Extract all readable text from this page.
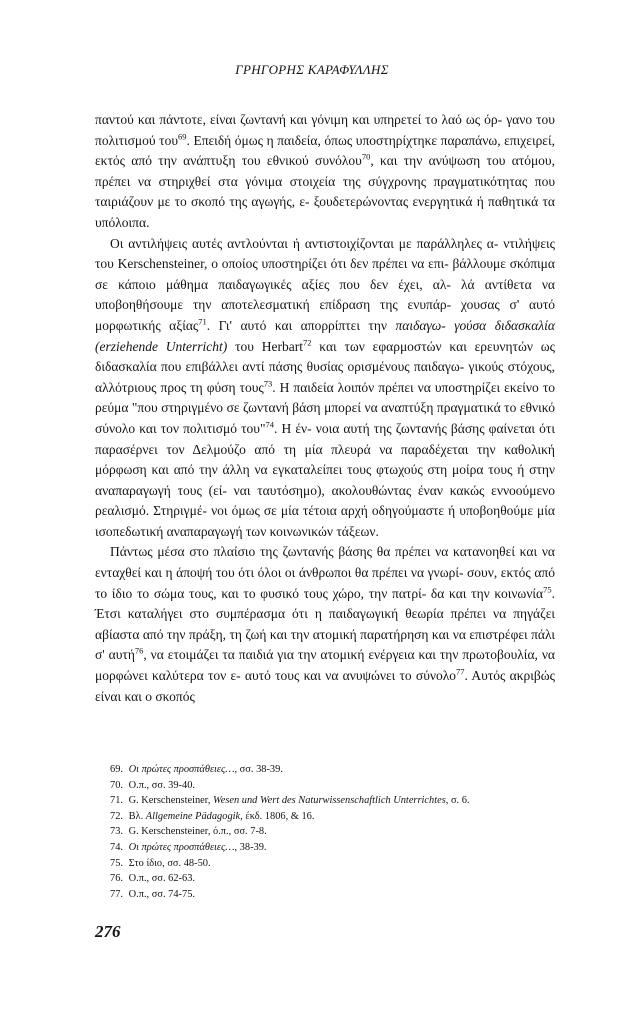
ΓΡΗΓΟΡΗΣ ΚΑΡΑΦΥΛΛΗΣ

παντού και πάντοτε, είναι ζωντανή και γόνιμη και υπηρετεί το λαό ως όρ- γανο του πολιτισμού του$^{69}$. Επειδή όμως η παιδεία, όπως υποστηρίχτηκε παραπάνω, επιχειρεί, εκτός από την ανάπτυξη του εθνικού συνόλου$^{70}$, και την ανύψωση του ατόμου, πρέπει να στηριχθεί στα γόνιμα στοιχεία της σύγχρονης πραγματικότητας που ταιριάζουν με το σκοπό της αγωγής, ε- ξουδετερώνοντας ενεργητικά ή παθητικά τα υπόλοιπα.

Οι αντιλήψεις αυτές αντλούνται ή αντιστοιχίζονται με παράλληλες α- ντιλήψεις του Kerschensteiner, ο οποίος υποστηρίζει ότι δεν πρέπει να επι- βάλλουμε σκόπιμα σε κάποιο μάθημα παιδαγωγικές αξίες που δεν έχει, αλ- λά αντίθετα να υποβοηθήσουμε την αποτελεσματική επίδραση της ενυπάρ- χουσας σ' αυτό μορφωτικής αξίας$^{71}$. Γι' αυτό και απορρίπτει την παιδαγω- γούσα διδασκαλία (erziehende Unterricht) του Herbart$^{72}$ και των εφαρμοστών και ερευνητών ως διδασκαλία που επιβάλλει αντί πάσης θυσίας ορισμένους παιδαγω- γικούς στόχους, αλλότριους προς τη φύση τους$^{73}$. Η παιδεία λοιπόν πρέπει να υποστηρίζει εκείνο το ρεύμα "που στηριγμένο σε ζωντανή βάση μπορεί να αναπτύξη πραγματικά το εθνικό σύνολο και τον πολιτισμό του"$^{74}$. Η έν- νοια αυτή της ζωντανής βάσης φαίνεται ότι παρασέρνει τον Δελμούζο από τη μία πλευρά να παραδέχεται την καθολική μόρφωση και από την άλλη να εγκαταλείπει τους φτωχούς στη μοίρα τους ή στην αναπαραγωγή τους (εί- ναι ταυτόσημο), ακολουθώντας έναν κακώς εννοούμενο ρεαλισμό. Στηριγμέ- νοι όμως σε μία τέτοια αρχή οδηγούμαστε ή υποβοηθούμε μία ισοπεδωτική αναπαραγωγή των κοινωνικών τάξεων.

Πάντως μέσα στο πλαίσιο της ζωντανής βάσης θα πρέπει να κατανοηθεί και να ενταχθεί και η άποψή του ότι όλοι οι άνθρωποι θα πρέπει να γνωρί- σουν, εκτός από το ίδιο το σώμα τους, και το φυσικό τους χώρο, την πατρί- δα και την κοινωνία$^{75}$. Έτσι καταλήγει στο συμπέρασμα ότι η παιδαγωγική θεωρία πρέπει να πηγάζει αβίαστα από την πράξη, τη ζωή και την ατομική παρατήρηση και να επιστρέφει πάλι σ' αυτή$^{76}$, να ετοιμάζει τα παιδιά για την ατομική ενέργεια και την πρωτοβουλία, να μορφώνει καλύτερα τον ε- αυτό τους και να ανυψώνει το σύνολο$^{77}$. Αυτός ακριβώς είναι και ο σκοπός

69. Οι πρώτες προσπάθειες…, σσ. 38-39.
70. Ο.π., σσ. 39-40.
71. G. Kerschensteiner, Wesen und Wert des Naturwissenschaftlich Unterrichtes, σ. 6.
72. Βλ. Allgemeine Pädagogik, έκδ. 1806, & 16.
73. G. Kerschensteiner, ό.π., σσ. 7-8.
74. Οι πρώτες προσπάθειες…, 38-39.
75. Στο ίδιο, σσ. 48-50.
76. Ο.π., σσ. 62-63.
77. Ο.π., σσ. 74-75.
276
